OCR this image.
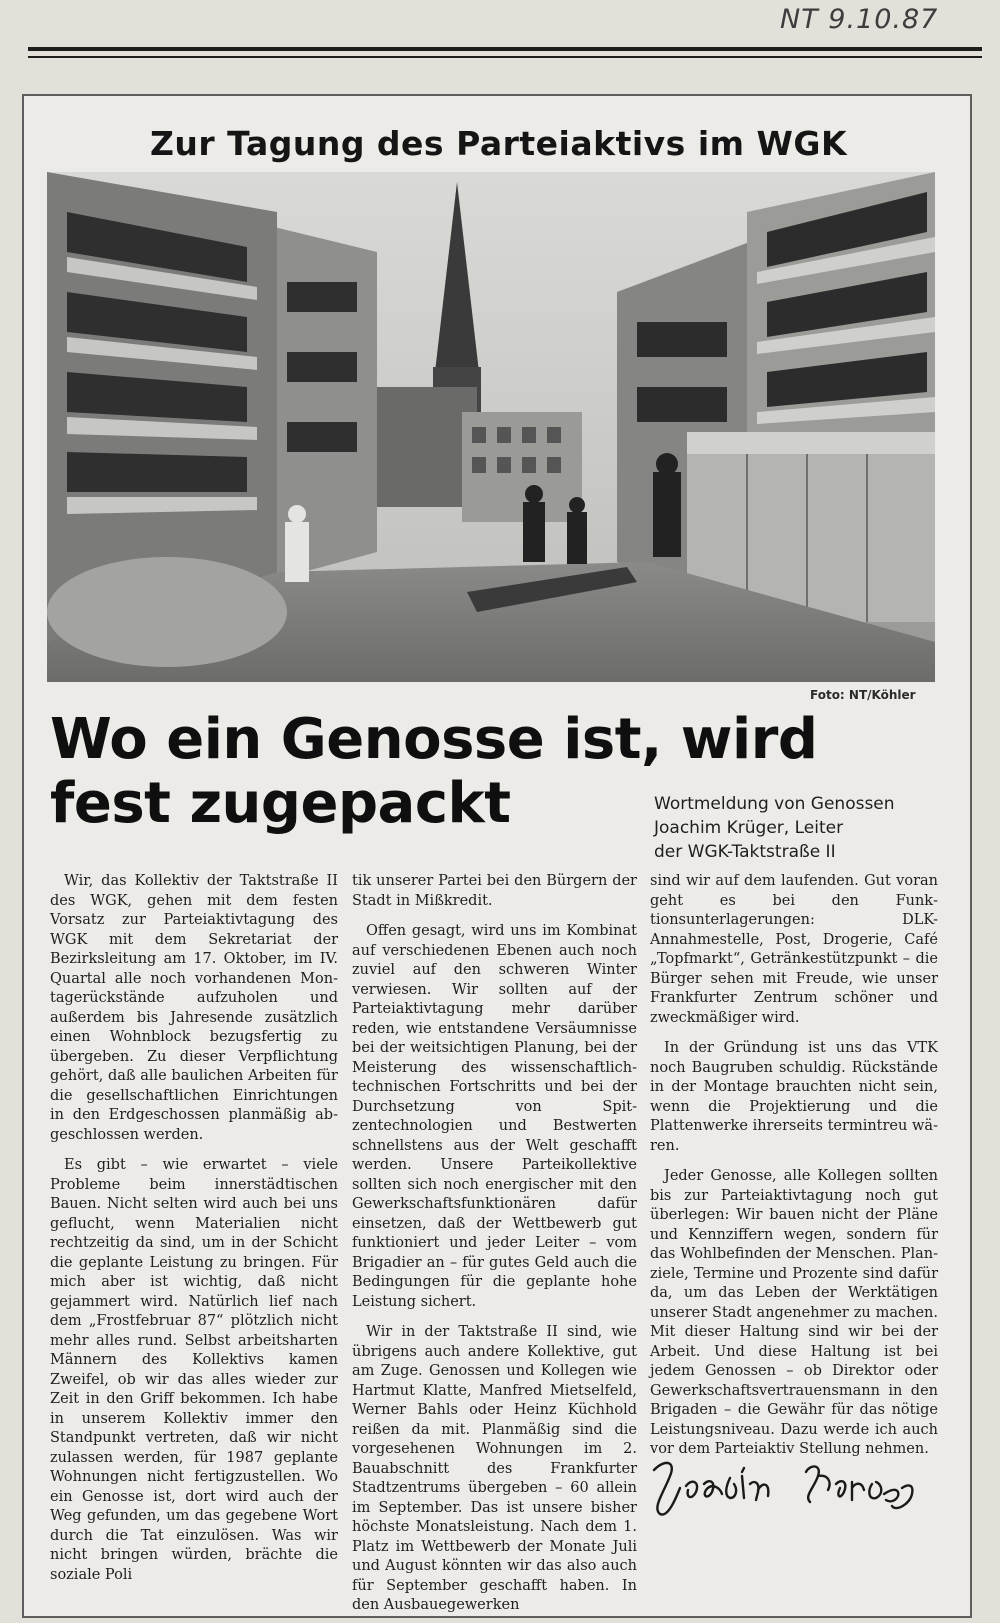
NT 9.10.87
Zur Tagung des Parteiaktivs im WGK
Foto: NT/Köhler
Wo ein Genosse ist, wird
fest zugepackt	Wortmeldung von Genossen
Joachim Krüger, Leiter
der WGK-Taktstraße II

Wir, das Kollektiv der Taktstraße II des WGK, gehen mit dem festen Vorsatz zur Parteiaktivtagung des WGK mit dem Sekretariat der Bezirksleitung am 17. Oktober, im IV. Quartal alle noch vorhandenen Montagerückstände aufzuholen und außerdem bis Jahresende zusätzlich einen Wohnblock bezugsfertig zu übergeben. Zu dieser Verpflichtung gehört, daß alle baulichen Arbeiten für die gesellschaftlichen Einrichtungen in den Erdgeschossen planmäßig abgeschlossen werden.

Es gibt – wie erwartet – viele Probleme beim innerstädtischen Bauen. Nicht selten wird auch bei uns geflucht, wenn Materialien nicht rechtzeitig da sind, um in der Schicht die geplante Leistung zu bringen. Für mich aber ist wichtig, daß nicht gejammert wird. Natürlich lief nach dem „Frostfebruar 87“ plötzlich nicht mehr alles rund. Selbst arbeitsharten Männern des Kollektivs kamen Zweifel, ob wir das alles wieder zur Zeit in den Griff bekommen. Ich habe in unserem Kollektiv immer den Standpunkt vertreten, daß wir nicht zulassen werden, für 1987 geplante Wohnungen nicht fertigzustellen. Wo ein Genosse ist, dort wird auch der Weg gefunden, um das gegebene Wort durch die Tat einzulösen. Was wir nicht bringen würden, brächte die soziale Poli

tik unserer Partei bei den Bürgern der Stadt in Mißkredit.

Offen gesagt, wird uns im Kombinat auf verschiedenen Ebenen auch noch zuviel auf den schweren Winter verwiesen. Wir sollten auf der Parteiaktivtagung mehr darüber reden, wie entstandene Versäumnisse bei der weitsichtigen Planung, bei der Meisterung des wissenschaftlich-technischen Fortschritts und bei der Durchsetzung von Spitzentechnologien und Bestwerten schnellstens aus der Welt geschafft werden. Unsere Parteikollektive sollten sich noch energischer mit den Gewerkschaftsfunktionären dafür einsetzen, daß der Wettbewerb gut funktioniert und jeder Leiter – vom Brigadier an – für gutes Geld auch die Bedingungen für die geplante hohe Leistung sichert.

Wir in der Taktstraße II sind, wie übrigens auch andere Kollektive, gut am Zuge. Genossen und Kollegen wie Hartmut Klatte, Manfred Mietselfeld, Werner Bahls oder Heinz Küchhold reißen da mit. Planmäßig sind die vorgesehenen Wohnungen im 2. Bauabschnitt des Frankfurter Stadtzentrums übergeben – 60 allein im September. Das ist unsere bisher höchste Monatsleistung. Nach dem 1. Platz im Wettbewerb der Monate Juli und August könnten wir das also auch für September geschafft haben. In den Ausbauegewerken

sind wir auf dem laufenden. Gut voran geht es bei den Funktionsunterlagerungen: DLK-Annahmestelle, Post, Drogerie, Café „Topfmarkt“, Getränkestützpunkt – die Bürger sehen mit Freude, wie unser Frankfurter Zentrum schöner und zweckmäßiger wird.

In der Gründung ist uns das VTK noch Baugruben schuldig. Rückstände in der Montage brauchten nicht sein, wenn die Projektierung und die Plattenwerke ihrerseits termintreu wären.

Jeder Genosse, alle Kollegen sollten bis zur Parteiaktivtagung noch gut überlegen: Wir bauen nicht der Pläne und Kennziffern wegen, sondern für das Wohlbefinden der Menschen. Planziele, Termine und Prozente sind dafür da, um das Leben der Werktätigen unserer Stadt angenehmer zu machen. Mit dieser Haltung sind wir bei der Arbeit. Und diese Haltung ist bei jedem Genossen – ob Direktor oder Gewerkschaftsvertrauensmann in den Brigaden – die Gewähr für das nötige Leistungsniveau. Dazu werde ich auch vor dem Parteiaktiv Stellung nehmen.
